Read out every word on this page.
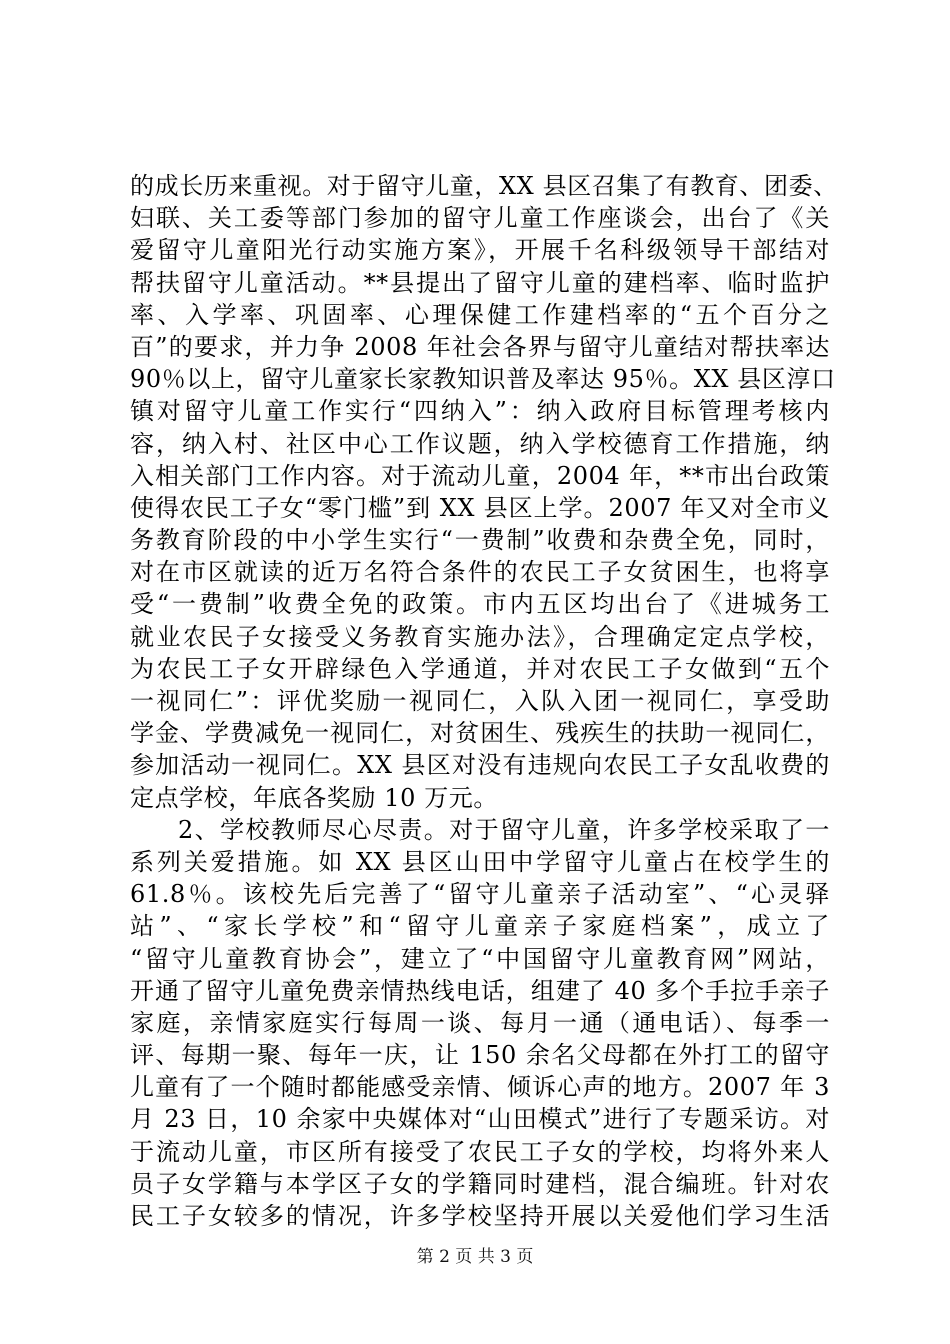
的成长历来重视。对于留守儿童，XX 县区召集了有教育、团委、
妇联、关工委等部门参加的留守儿童工作座谈会，出台了《关
爱留守儿童阳光行动实施方案》，开展千名科级领导干部结对
帮扶留守儿童活动。**县提出了留守儿童的建档率、临时监护
率、入学率、巩固率、心理保健工作建档率的“五个百分之
百”的要求，并力争 2008 年社会各界与留守儿童结对帮扶率达
90％以上，留守儿童家长家教知识普及率达 95％。XX 县区淳口
镇对留守儿童工作实行“四纳入”：纳入政府目标管理考核内
容，纳入村、社区中心工作议题，纳入学校德育工作措施，纳
入相关部门工作内容。对于流动儿童，2004 年，**市出台政策
使得农民工子女“零门槛”到 XX 县区上学。2007 年又对全市义
务教育阶段的中小学生实行“一费制”收费和杂费全免，同时，
对在市区就读的近万名符合条件的农民工子女贫困生，也将享
受“一费制”收费全免的政策。市内五区均出台了《进城务工
就业农民子女接受义务教育实施办法》，合理确定定点学校，
为农民工子女开辟绿色入学通道，并对农民工子女做到“五个
一视同仁”：评优奖励一视同仁，入队入团一视同仁，享受助
学金、学费减免一视同仁，对贫困生、残疾生的扶助一视同仁，
参加活动一视同仁。XX 县区对没有违规向农民工子女乱收费的
定点学校，年底各奖励 10 万元。
2、学校教师尽心尽责。对于留守儿童，许多学校采取了一
系列关爱措施。如 XX 县区山田中学留守儿童占在校学生的
61.8％。该校先后完善了“留守儿童亲子活动室”、“心灵驿
站”、“家长学校”和“留守儿童亲子家庭档案”，成立了
“留守儿童教育协会”，建立了“中国留守儿童教育网”网站，
开通了留守儿童免费亲情热线电话，组建了 40 多个手拉手亲子
家庭，亲情家庭实行每周一谈、每月一通（通电话）、每季一
评、每期一聚、每年一庆，让 150 余名父母都在外打工的留守
儿童有了一个随时都能感受亲情、倾诉心声的地方。2007 年 3
月 23 日，10 余家中央媒体对“山田模式”进行了专题采访。对
于流动儿童，市区所有接受了农民工子女的学校，均将外来人
员子女学籍与本学区子女的学籍同时建档，混合编班。针对农
民工子女较多的情况，许多学校坚持开展以关爱他们学习生活
第 2 页 共 3 页
